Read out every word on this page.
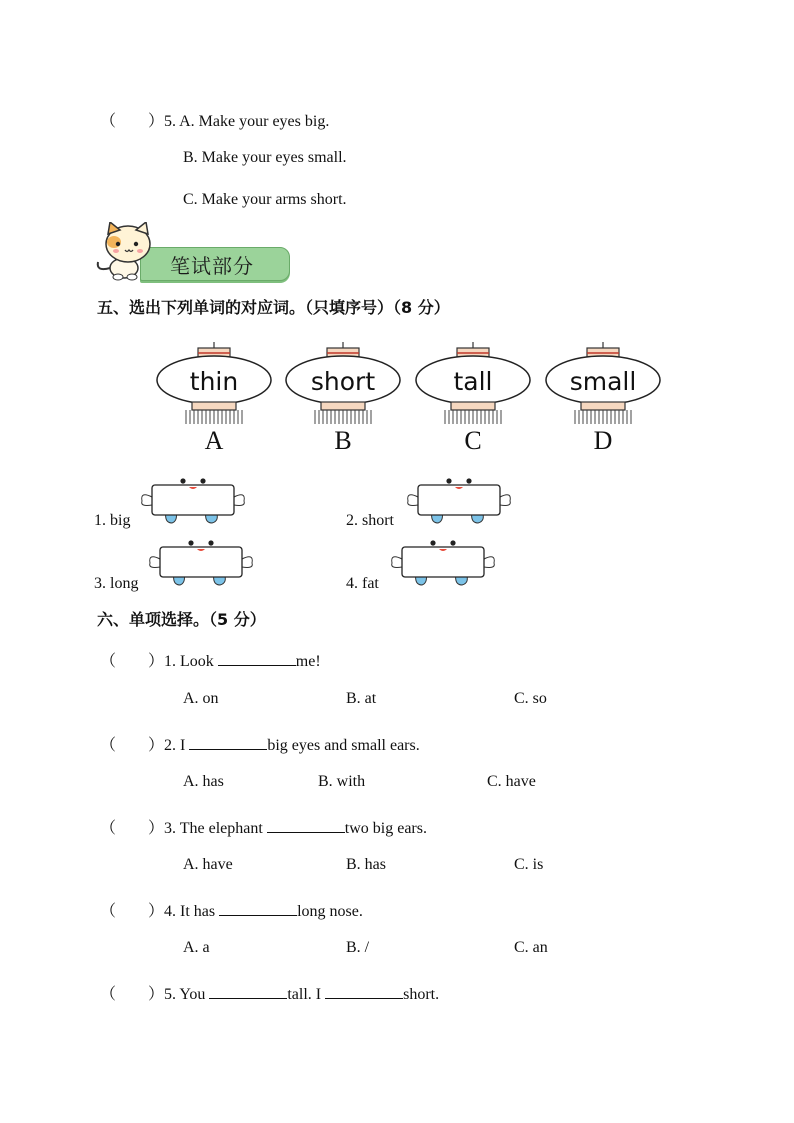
（　　）5. A. Make your eyes big.
B. Make your eyes small.
C. Make your arms short.
笔试部分
五、选出下列单词的对应词。（只填序号）（8 分）
thin
A
short
B
tall
C
small
D
1. big	2. short
3. long	4. fat
六、单项选择。（5 分）
（　　）1. Look	me!
A. on	B. at	C. so
（　　）2. I	big eyes and small ears.
A. has	B. with	C. have
（　　）3. The elephant	two big ears.
A. have	B. has	C. is
（　　）4. It has	long nose.
A. a	B. /	C. an
（　　）5. You	tall. I	short.
